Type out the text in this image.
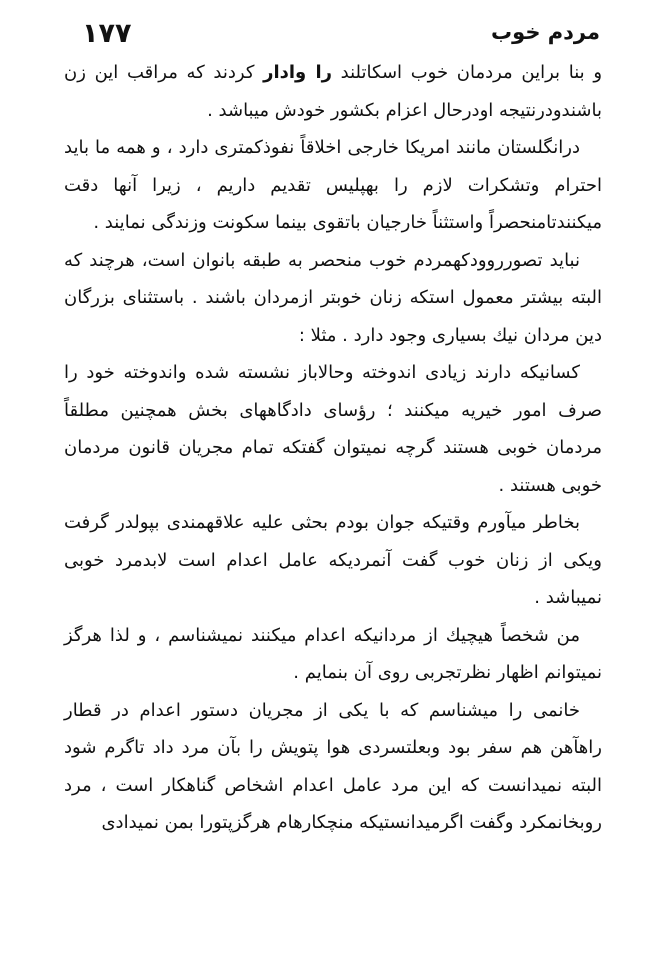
۱۷۷	مردم خوب

و بنا براین مردمان خوب اسکاتلند را وادار کردند که مراقب این زن باشندودرنتیجه اودرحال اعزام بکشور خودش میباشد .

درانگلستان مانند امریکا خارجی اخلاقاً نفوذکمتری دارد ، و همه ما باید احترام وتشکرات لازم را بهپلیس تقدیم داریم ، زیرا آنها دقت میکنندتامنحصراً واستثناً خارجیان باتقوی بینما سکونت وزندگی نمایند .

نباید تصورروودکهمردم خوب منحصر به طبقه بانوان است، هرچند که البته بیشتر معمول استکه زنان خوبتر ازمردان باشند . باستثنای بزرگان دین مردان نیك بسیاری وجود دارد . مثلا :

کسانیکه دارند زیادی اندوخته وحالاباز نشسته شده واندوخته خود را صرف امور خیریه میکنند ؛ رؤسای دادگاههای بخش همچنین مطلقاً مردمان خوبی هستند گرچه نمیتوان گفتکه تمام مجریان قانون مردمان خوبی هستند .

بخاطر میآورم وقتیکه جوان بودم بحثی علیه علاقهمندی بپولدر گرفت ویکی از زنان خوب گفت آنمردیکه عامل اعدام است لابدمرد خوبی نمیباشد .

من شخصاً هیچیك از مردانیکه اعدام میکنند نمیشناسم ، و لذا هرگز نمیتوانم اظهار نظرتجربی روی آن بنمایم .

خانمی را میشناسم که با یکی از مجریان دستور اعدام در قطار راهآهن هم سفر بود وبعلتسردی هوا پتویش را بآن مرد داد تاگرم شود البته نمیدانست که این مرد عامل اعدام اشخاص گناهکار است ، مرد روبخانمکرد وگفت اگرمیدانستیکه منچکارهام هرگزپتورا بمن نمیدادی
